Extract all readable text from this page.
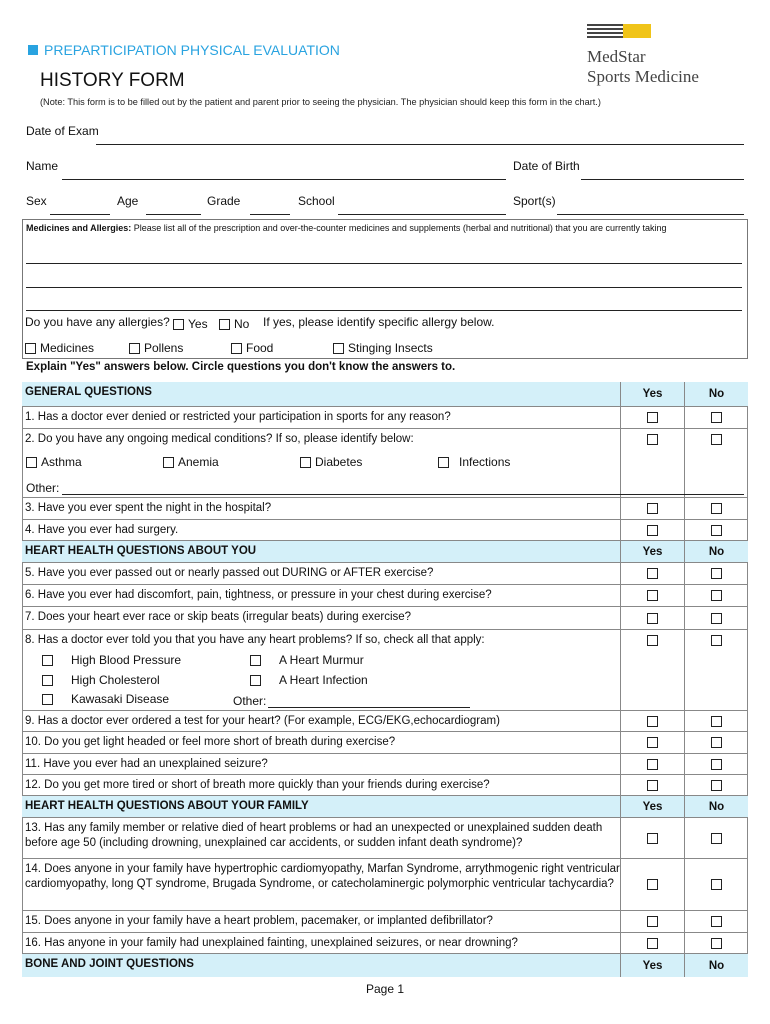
PREPARTICIPATION PHYSICAL EVALUATION
HISTORY FORM
(Note: This form is to be filled out by the patient and parent prior to seeing the physician. The physician should keep this form in the chart.)
MedStar
Sports Medicine
Date of Exam
Name	Date of Birth
Sex	Age	Grade	School	Sport(s)
Medicines and Allergies: Please list all of the prescription and over-the-counter medicines and supplements (herbal and nutritional) that you are currently taking
Do you have any allergies? Yes No If yes, please identify specific allergy below.
Medicines	Pollens	Food	Stinging Insects
Explain "Yes" answers below. Circle questions you don't know the answers to.
GENERAL QUESTIONS	Yes	No
1. Has a doctor ever denied or restricted your participation in sports for any reason?
2. Do you have any ongoing medical conditions? If so, please identify below:
Asthma	Anemia	Diabetes	Infections
Other:
3. Have you ever spent the night in the hospital?
4. Have you ever had surgery.
HEART HEALTH QUESTIONS ABOUT YOU	Yes	No
5. Have you ever passed out or nearly passed out DURING or AFTER exercise?
6. Have you ever had discomfort, pain, tightness, or pressure in your chest during exercise?
7. Does your heart ever race or skip beats (irregular beats) during exercise?
8. Has a doctor ever told you that you have any heart problems? If so, check all that apply:
High Blood Pressure	A Heart Murmur
High Cholesterol	A Heart Infection
Kawasaki Disease	Other:
9. Has a doctor ever ordered a test for your heart? (For example, ECG/EKG,echocardiogram)
10. Do you get light headed or feel more short of breath during exercise?
11. Have you ever had an unexplained seizure?
12. Do you get more tired or short of breath more quickly than your friends during exercise?
HEART HEALTH QUESTIONS ABOUT YOUR FAMILY	Yes	No
13. Has any family member or relative died of heart problems or had an unexpected or unexplained sudden death before age 50 (including drowning, unexplained car accidents, or sudden infant death syndrome)?
14. Does anyone in your family have hypertrophic cardiomyopathy, Marfan Syndrome, arrythmogenic right ventricular cardiomyopathy, long QT syndrome, Brugada Syndrome, or catecholaminergic polymorphic ventricular tachycardia?
15. Does anyone in your family have a heart problem, pacemaker, or implanted defibrillator?
16. Has anyone in your family had unexplained fainting, unexplained seizures, or near drowning?
BONE AND JOINT QUESTIONS	Yes	No
Page 1
